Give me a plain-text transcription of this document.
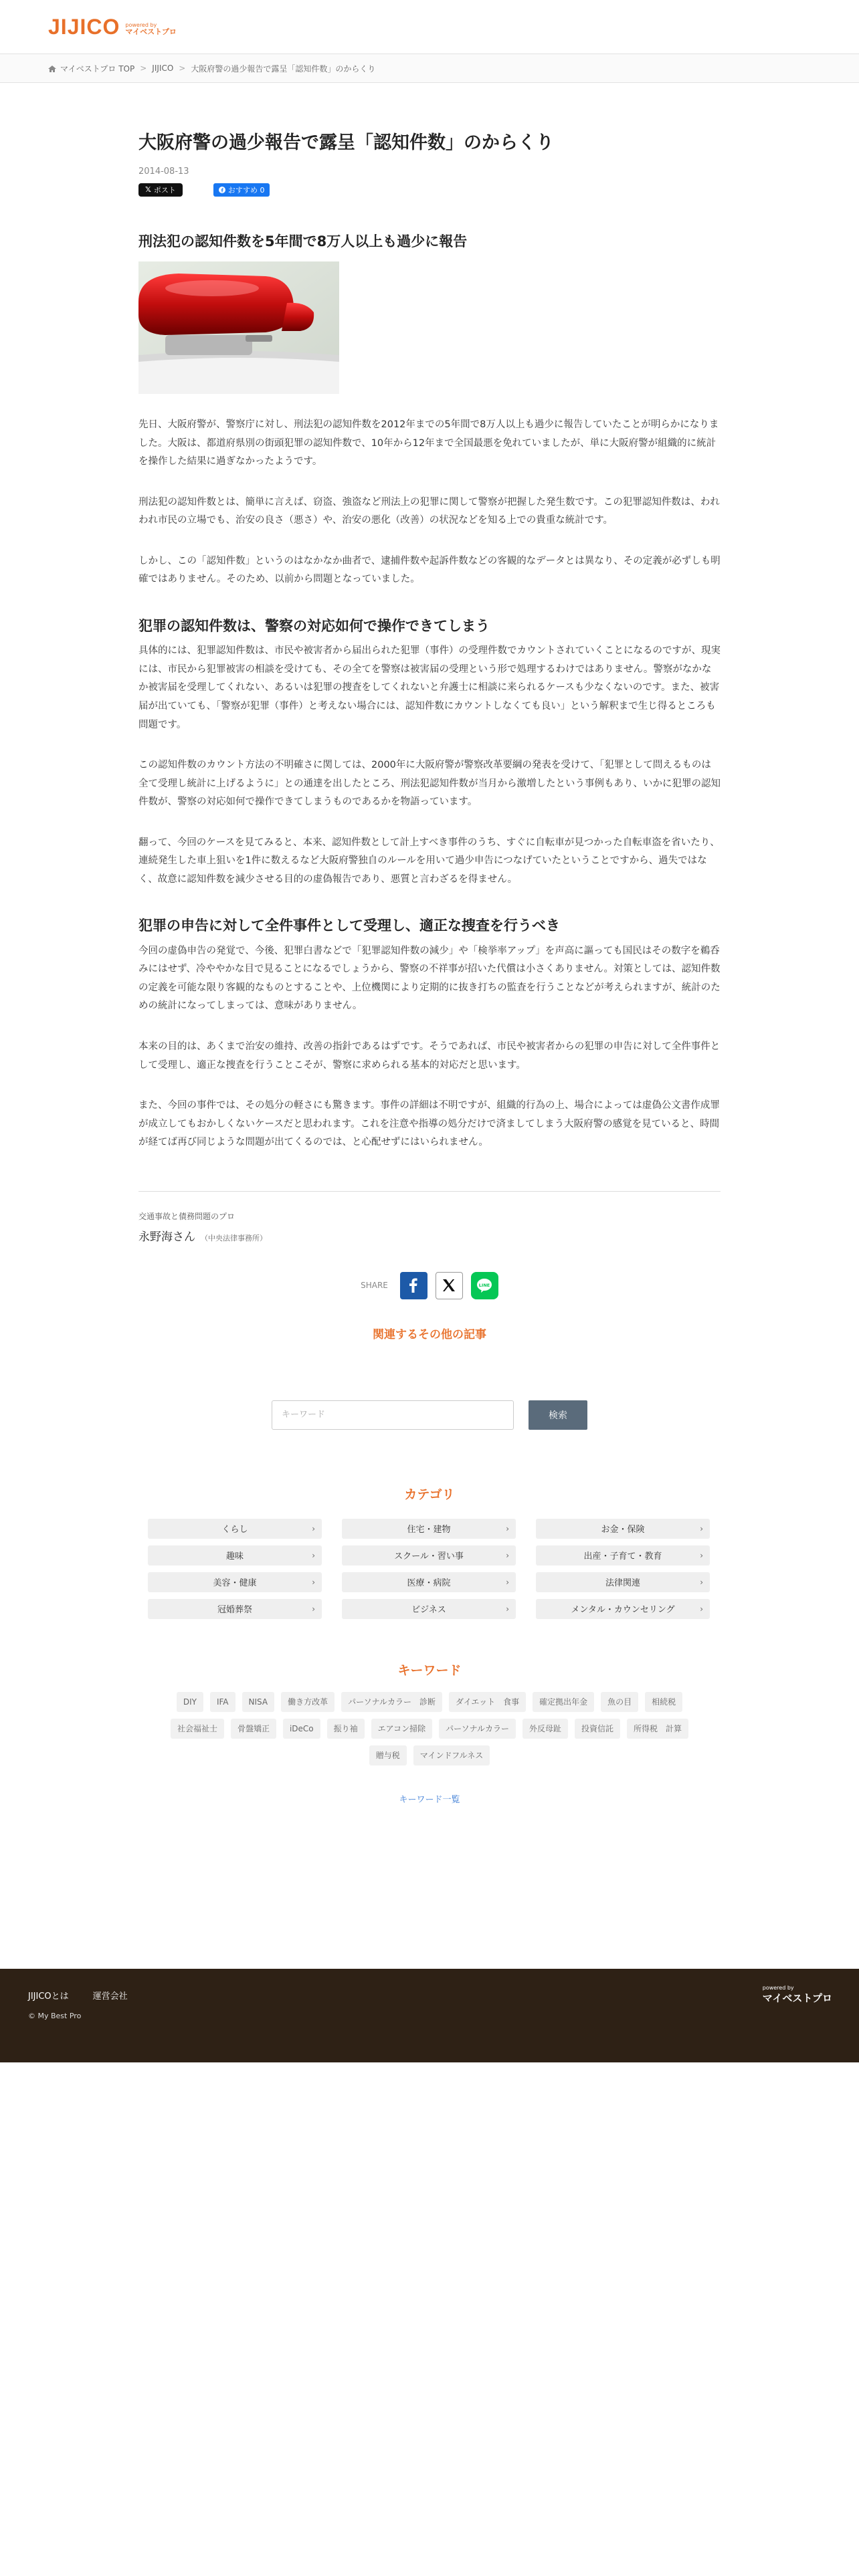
JIJICO powered by
マイベストプロ
マイベストプロ TOP > JIJICO > 大阪府警の過少報告で露呈「認知件数」のからくり
大阪府警の過少報告で露呈「認知件数」のからくり
2014-08-13
𝕏 ポスト	おすすめ 0
刑法犯の認知件数を5年間で8万人以上も過少に報告

先日、大阪府警が、警察庁に対し、刑法犯の認知件数を2012年までの5年間で8万人以上も過少に報告していたことが明らかになりました。大阪は、都道府県別の街頭犯罪の認知件数で、10年から12年まで全国最悪を免れていましたが、単に大阪府警が組織的に統計を操作した結果に過ぎなかったようです。

刑法犯の認知件数とは、簡単に言えば、窃盗、強盗など刑法上の犯罪に関して警察が把握した発生数です。この犯罪認知件数は、われわれ市民の立場でも、治安の良さ（悪さ）や、治安の悪化（改善）の状況などを知る上での貴重な統計です。

しかし、この「認知件数」というのはなかなか曲者で、逮捕件数や起訴件数などの客観的なデータとは異なり、その定義が必ずしも明確ではありません。そのため、以前から問題となっていました。

犯罪の認知件数は、警察の対応如何で操作できてしまう

具体的には、犯罪認知件数は、市民や被害者から届出られた犯罪（事件）の受理件数でカウントされていくことになるのですが、現実には、市民から犯罪被害の相談を受けても、その全てを警察は被害届の受理という形で処理するわけではありません。警察がなかなか被害届を受理してくれない、あるいは犯罪の捜査をしてくれないと弁護士に相談に来られるケースも少なくないのです。また、被害届が出ていても、「警察が犯罪（事件）と考えない場合には、認知件数にカウントしなくても良い」という解釈まで生じ得るところも問題です。

この認知件数のカウント方法の不明確さに関しては、2000年に大阪府警が警察改革要綱の発表を受けて、「犯罪として問えるものは全て受理し統計に上げるように」との通達を出したところ、刑法犯認知件数が当月から激増したという事例もあり、いかに犯罪の認知件数が、警察の対応如何で操作できてしまうものであるかを物語っています。

翻って、今回のケースを見てみると、本来、認知件数として計上すべき事件のうち、すぐに自転車が見つかった自転車盗を省いたり、連続発生した車上狙いを1件に数えるなど大阪府警独自のルールを用いて過少申告につなげていたということですから、過失ではなく、故意に認知件数を減少させる目的の虚偽報告であり、悪質と言わざるを得ません。

犯罪の申告に対して全件事件として受理し、適正な捜査を行うべき

今回の虚偽申告の発覚で、今後、犯罪白書などで「犯罪認知件数の減少」や「検挙率アップ」を声高に謳っても国民はその数字を鵜呑みにはせず、冷ややかな目で見ることになるでしょうから、警察の不祥事が招いた代償は小さくありません。対策としては、認知件数の定義を可能な限り客観的なものとすることや、上位機関により定期的に抜き打ちの監査を行うことなどが考えられますが、統計のための統計になってしまっては、意味がありません。

本来の目的は、あくまで治安の維持、改善の指針であるはずです。そうであれば、市民や被害者からの犯罪の申告に対して全件事件として受理し、適正な捜査を行うことこそが、警察に求められる基本的対応だと思います。

また、今回の事件では、その処分の軽さにも驚きます。事件の詳細は不明ですが、組織的行為の上、場合によっては虚偽公文書作成罪が成立してもおかしくないケースだと思われます。これを注意や指導の処分だけで済ましてしまう大阪府警の感覚を見ていると、時間が経てば再び同じような問題が出てくるのでは、と心配せずにはいられません。

交通事故と債務問題のプロ
永野海さん （中央法律事務所）
SHARE	LINE
関連するその他の記事
キーワード
検索
カテゴリ
くらし	›	住宅・建物	›	お金・保険	›
趣味	›	スクール・習い事	›	出産・子育て・教育	›
美容・健康	›	医療・病院	›	法律関連	›
冠婚葬祭	›	ビジネス	›	メンタル・カウンセリング	›
キーワード
DIY	IFA	NISA	働き方改革	パーソナルカラー　診断	ダイエット　食事	確定拠出年金	魚の目	相続税
社会福祉士	骨盤矯正	iDeCo	振り袖	エアコン掃除	パーソナルカラー	外反母趾	投資信託	所得税　計算
贈与税	マインドフルネス
キーワード一覧
JIJICOとは	運営会社
© My Best Pro
powered by
マイベストプロ
